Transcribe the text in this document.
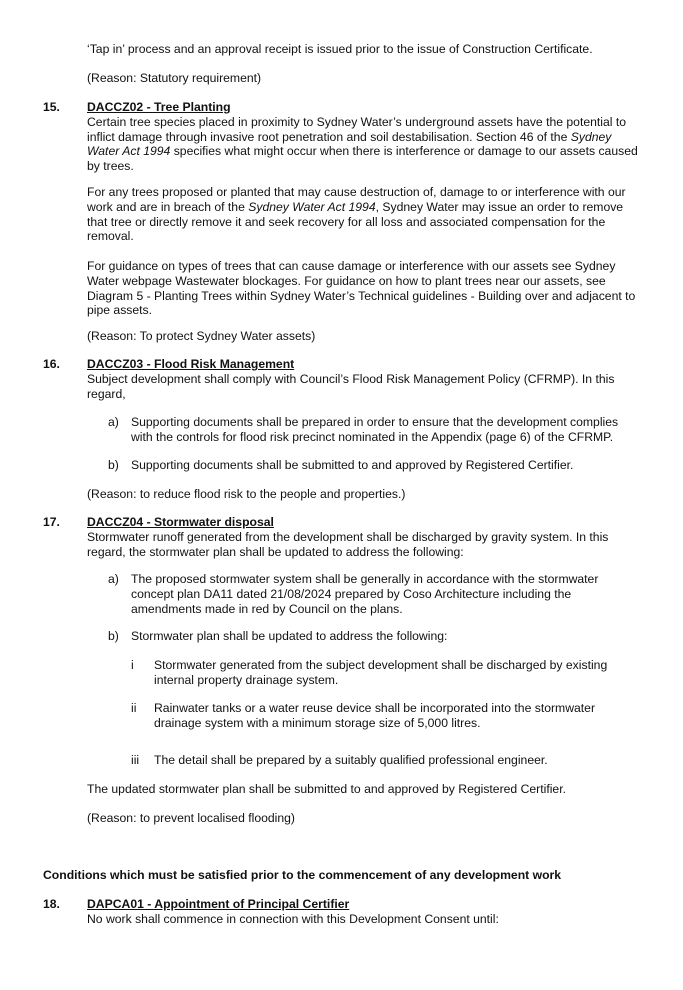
‘Tap in’ process and an approval receipt is issued prior to the issue of Construction Certificate.

(Reason: Statutory requirement)

15. DACCZ02 - Tree Planting

Certain tree species placed in proximity to Sydney Water’s underground assets have the potential to inflict damage through invasive root penetration and soil destabilisation. Section 46 of the Sydney Water Act 1994 specifies what might occur when there is interference or damage to our assets caused by trees.

For any trees proposed or planted that may cause destruction of, damage to or interference with our work and are in breach of the Sydney Water Act 1994, Sydney Water may issue an order to remove that tree or directly remove it and seek recovery for all loss and associated compensation for the removal.

For guidance on types of trees that can cause damage or interference with our assets see Sydney Water webpage Wastewater blockages. For guidance on how to plant trees near our assets, see Diagram 5 - Planting Trees within Sydney Water’s Technical guidelines - Building over and adjacent to pipe assets.

(Reason: To protect Sydney Water assets)

16. DACCZ03 - Flood Risk Management

Subject development shall comply with Council’s Flood Risk Management Policy (CFRMP). In this regard,

a) Supporting documents shall be prepared in order to ensure that the development complies with the controls for flood risk precinct nominated in the Appendix (page 6) of the CFRMP.

b) Supporting documents shall be submitted to and approved by Registered Certifier.

(Reason: to reduce flood risk to the people and properties.)

17. DACCZ04 - Stormwater disposal

Stormwater runoff generated from the development shall be discharged by gravity system. In this regard, the stormwater plan shall be updated to address the following:

a) The proposed stormwater system shall be generally in accordance with the stormwater concept plan DA11 dated 21/08/2024 prepared by Coso Architecture including the amendments made in red by Council on the plans.

b) Stormwater plan shall be updated to address the following:

i Stormwater generated from the subject development shall be discharged by existing internal property drainage system.

ii Rainwater tanks or a water reuse device shall be incorporated into the stormwater drainage system with a minimum storage size of 5,000 litres.

iii The detail shall be prepared by a suitably qualified professional engineer.

The updated stormwater plan shall be submitted to and approved by Registered Certifier.

(Reason: to prevent localised flooding)

Conditions which must be satisfied prior to the commencement of any development work

18. DAPCA01 - Appointment of Principal Certifier

No work shall commence in connection with this Development Consent until:
